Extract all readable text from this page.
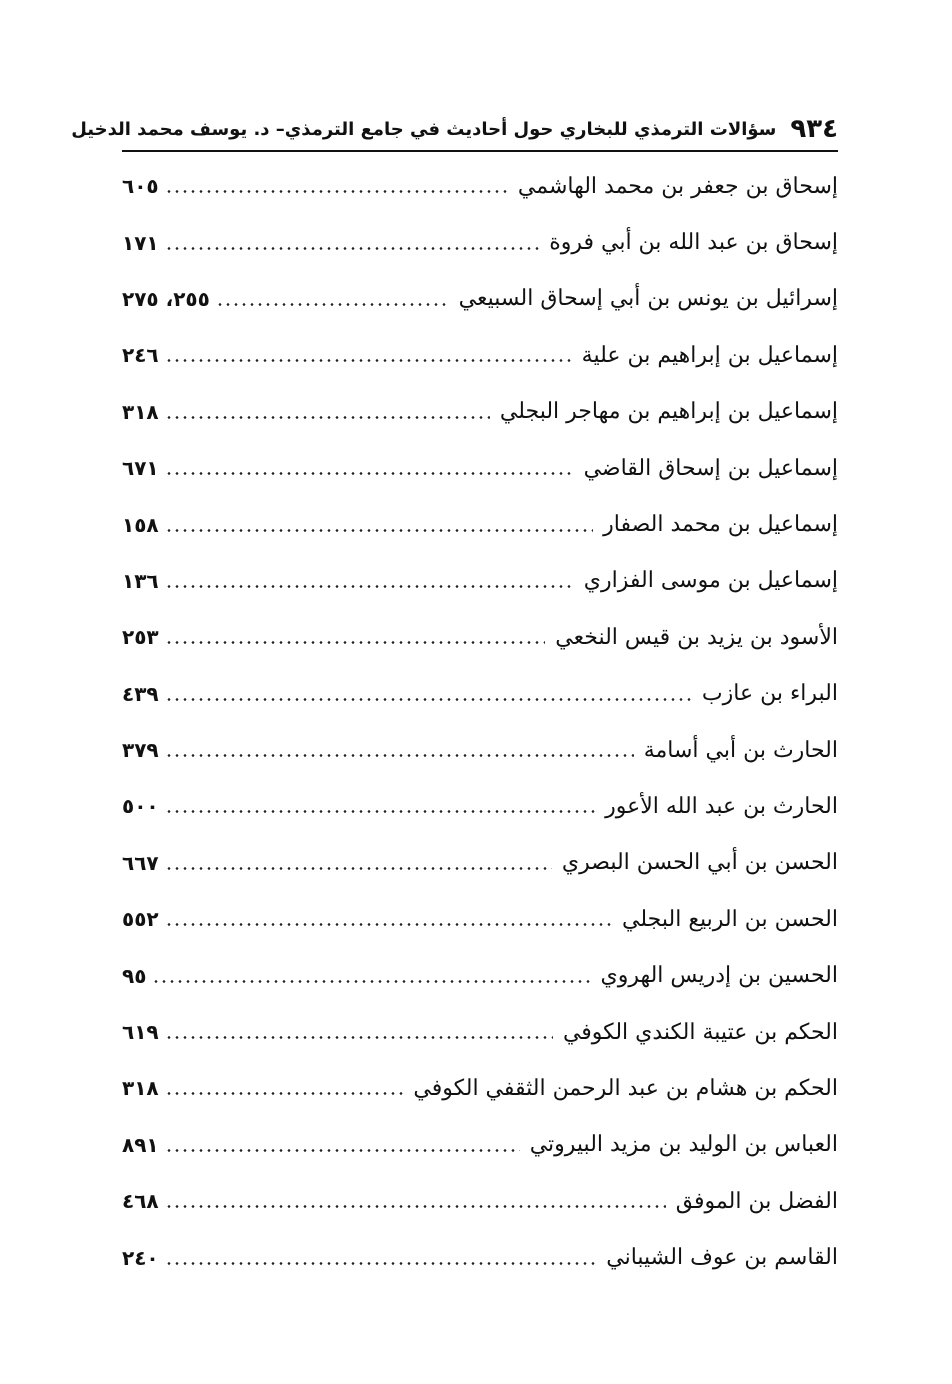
٩٣٤
سؤالات الترمذي للبخاري حول أحاديث في جامع الترمذي– د. يوسف محمد الدخيل
إسحاق بن جعفر بن محمد الهاشمي
٦٠٥
إسحاق بن عبد الله بن أبي فروة
١٧١
إسرائيل بن يونس بن أبي إسحاق السبيعي
٢٥٥، ٢٧٥
إسماعيل بن إبراهيم بن علية
٢٤٦
إسماعيل بن إبراهيم بن مهاجر البجلي
٣١٨
إسماعيل بن إسحاق القاضي
٦٧١
إسماعيل بن محمد الصفار
١٥٨
إسماعيل بن موسى الفزاري
١٣٦
الأسود بن يزيد بن قيس النخعي
٢٥٣
البراء بن عازب
٤٣٩
الحارث بن أبي أسامة
٣٧٩
الحارث بن عبد الله الأعور
٥٠٠
الحسن بن أبي الحسن البصري
٦٦٧
الحسن بن الربيع البجلي
٥٥٢
الحسين بن إدريس الهروي
٩٥
الحكم بن عتيبة الكندي الكوفي
٦١٩
الحكم بن هشام بن عبد الرحمن الثقفي الكوفي
٣١٨
العباس بن الوليد بن مزيد البيروتي
٨٩١
الفضل بن الموفق
٤٦٨
القاسم بن عوف الشيباني
٢٤٠
